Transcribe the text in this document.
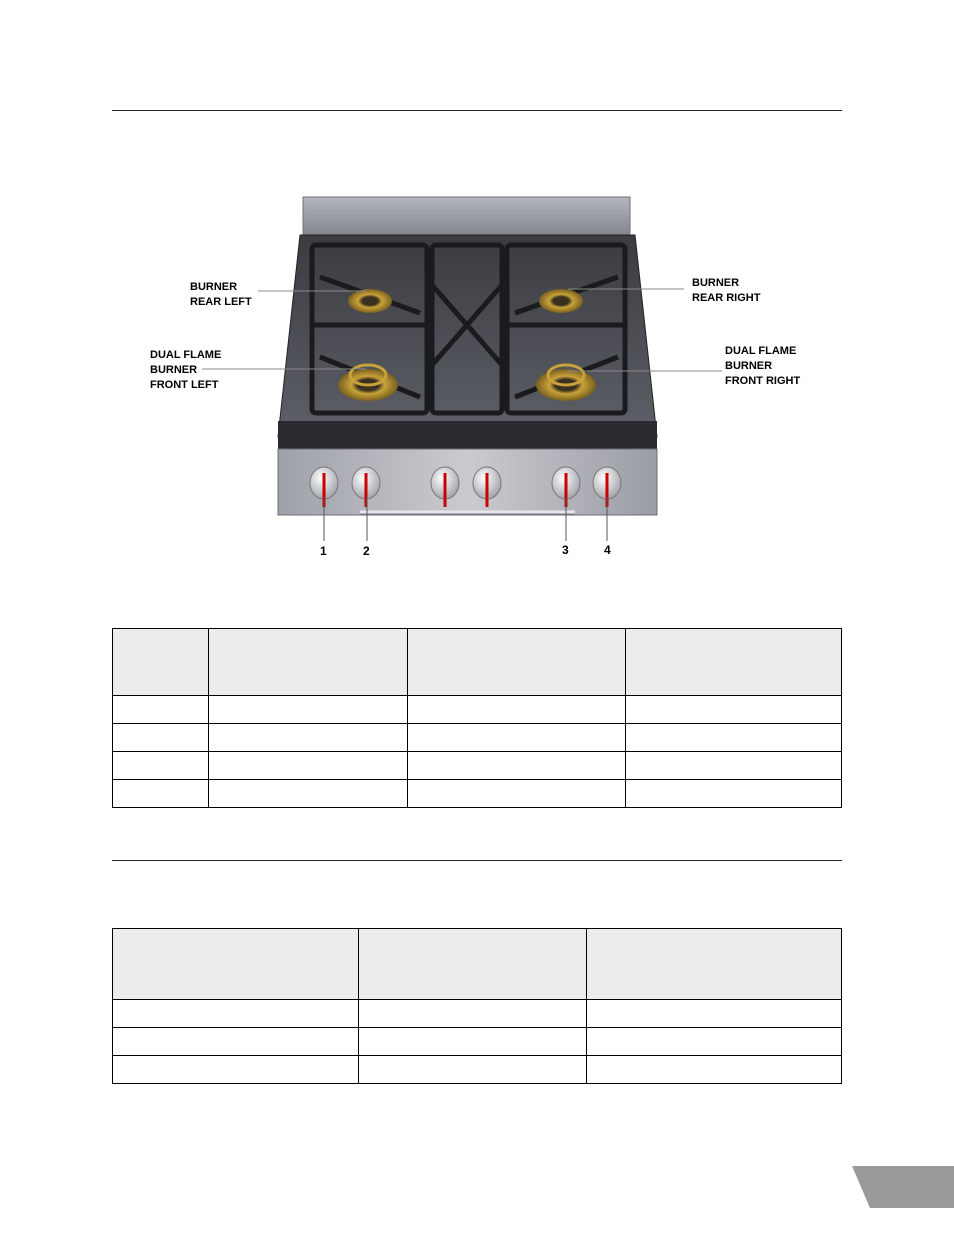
BURNER
REAR LEFT
BURNER
REAR RIGHT
DUAL FLAME
BURNER
FRONT LEFT
DUAL FLAME
BURNER
FRONT RIGHT
1	2	3	4
